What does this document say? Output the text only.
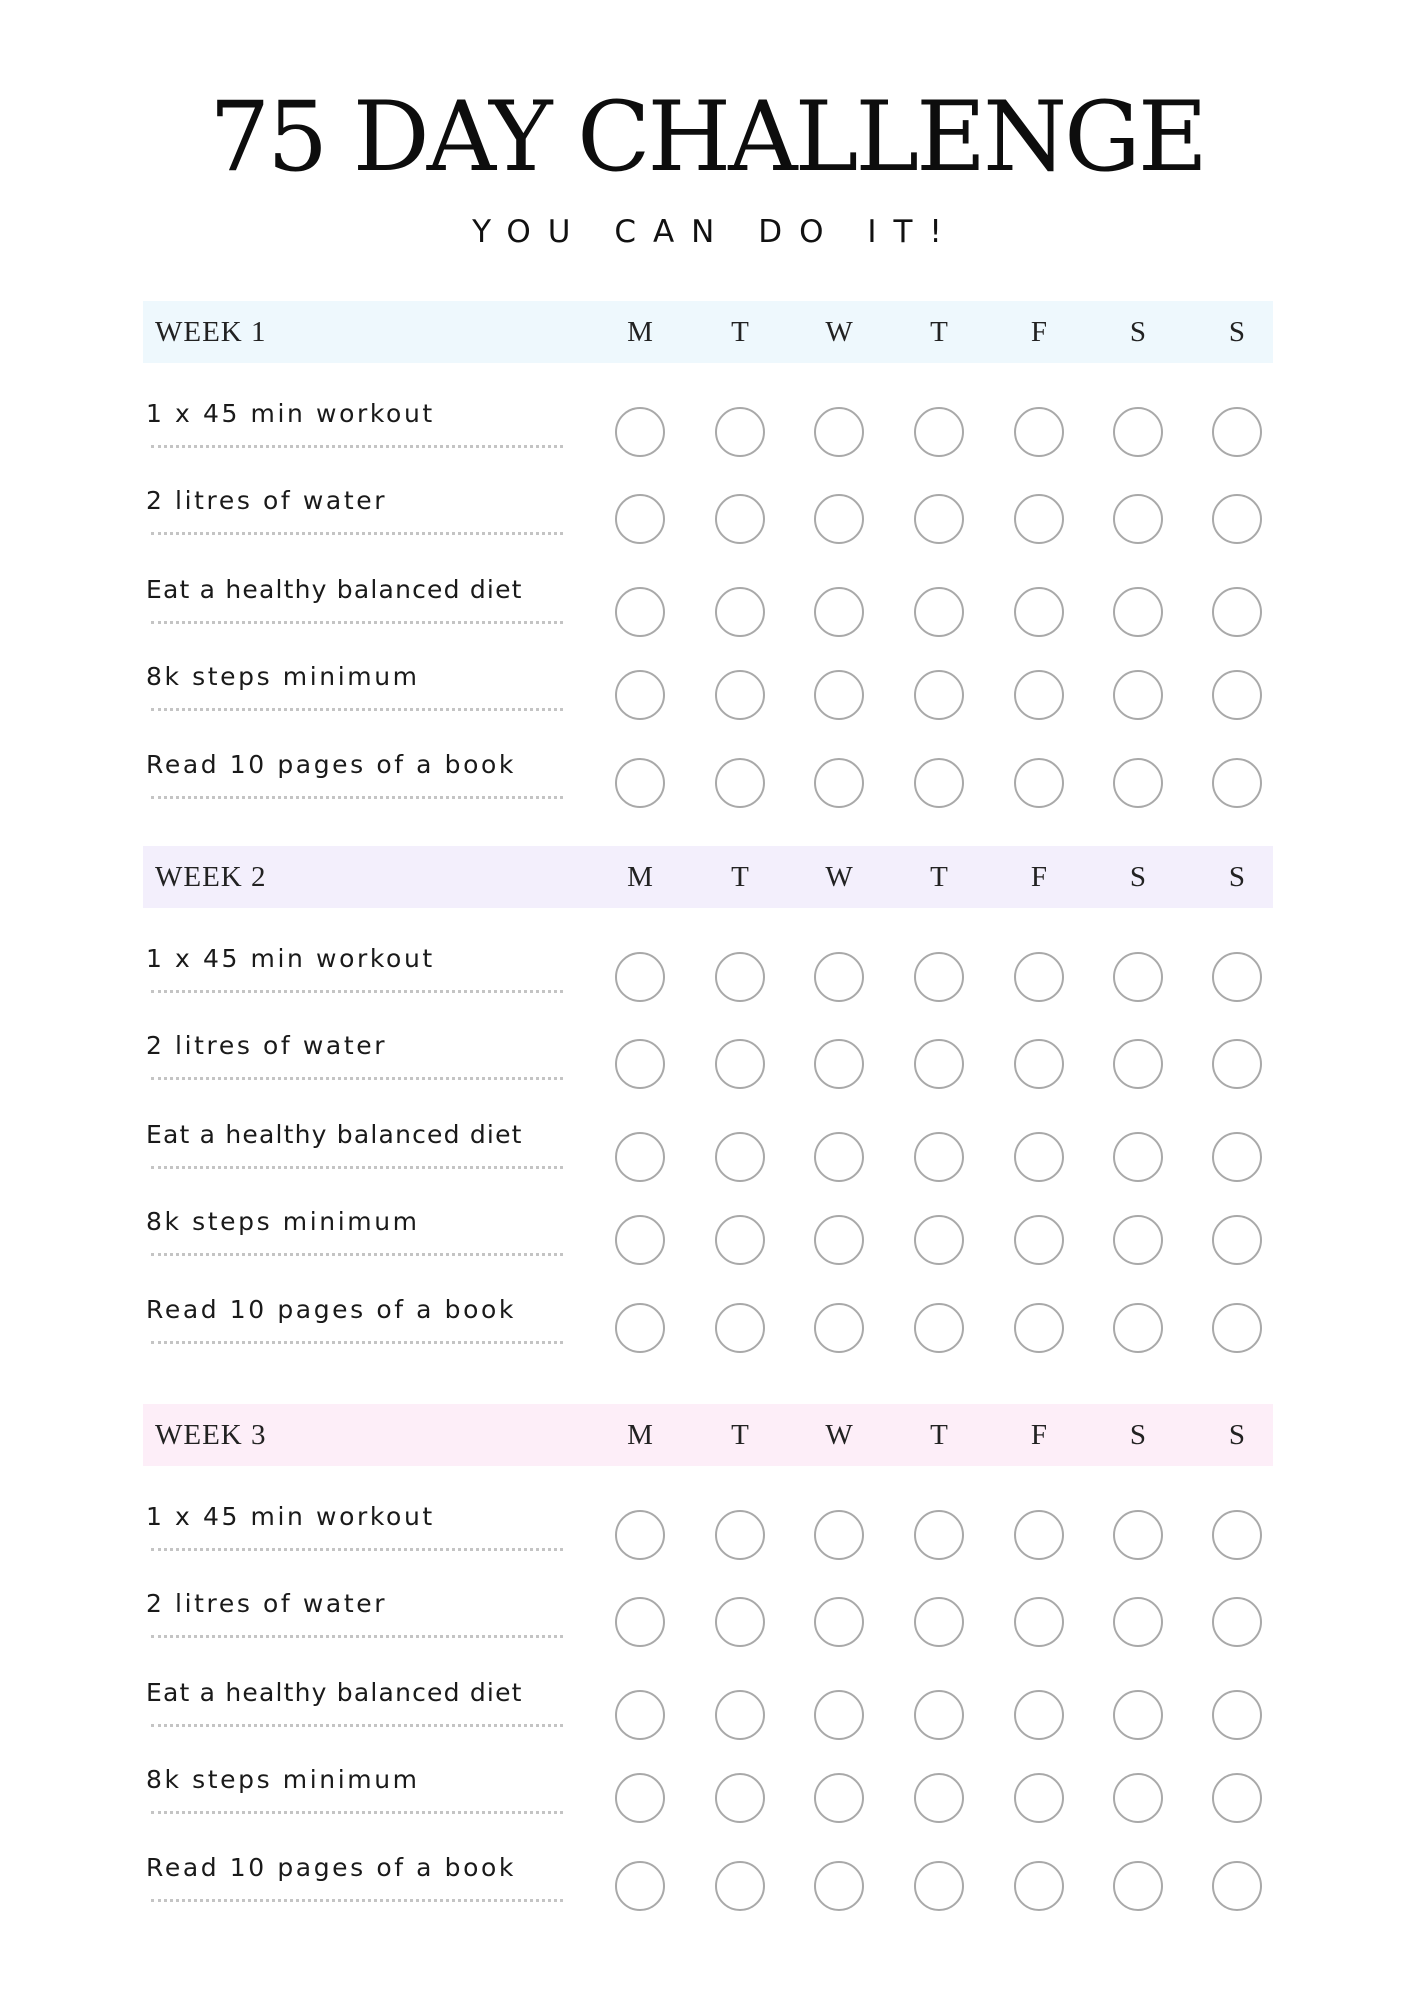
75 DAY CHALLENGE
YOU CAN DO IT!
WEEK 1	M	T	W	T	F	S	S
1 x 45 min workout
2 litres of water
Eat a healthy balanced diet
8k steps minimum
Read 10 pages of a book
WEEK 2	M	T	W	T	F	S	S
1 x 45 min workout
2 litres of water
Eat a healthy balanced diet
8k steps minimum
Read 10 pages of a book
WEEK 3	M	T	W	T	F	S	S
1 x 45 min workout
2 litres of water
Eat a healthy balanced diet
8k steps minimum
Read 10 pages of a book
